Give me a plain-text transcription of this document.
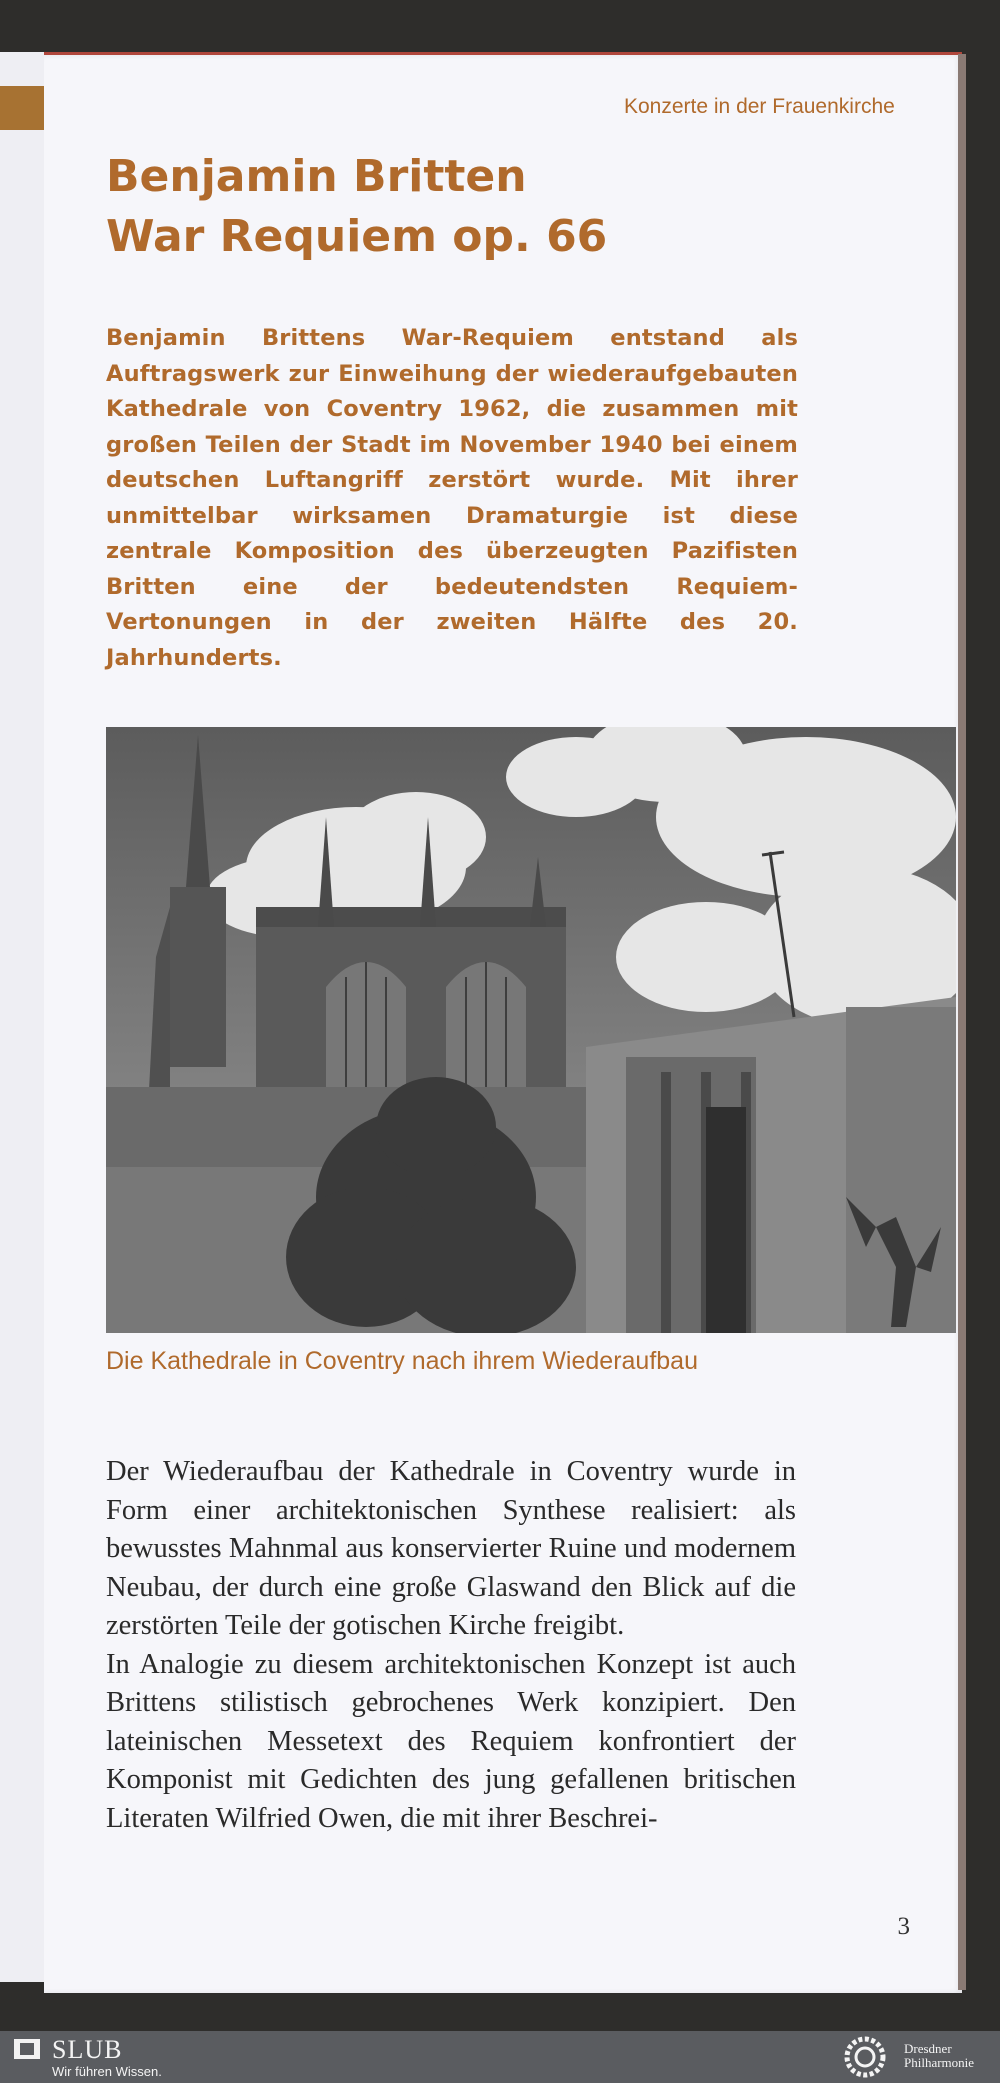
Konzerte in der Frauenkirche
Benjamin Britten
War Requiem op. 66

Benjamin Brittens War-Requiem entstand als Auftragswerk zur Einweihung der wiederaufgebauten Kathedrale von Coventry 1962, die zusammen mit großen Teilen der Stadt im November 1940 bei einem deutschen Luftangriff zerstört wurde. Mit ihrer unmittelbar wirksamen Dramaturgie ist diese zentrale Komposition des überzeugten Pazifisten Britten eine der bedeutendsten Requiem-Vertonungen in der zweiten Hälfte des 20. Jahrhunderts.

Die Kathedrale in Coventry nach ihrem Wiederaufbau

Der Wiederaufbau der Kathedrale in Coventry wurde in Form einer architektonischen Synthese realisiert: als bewusstes Mahnmal aus konservierter Ruine und modernem Neubau, der durch eine große Glaswand den Blick auf die zerstörten Teile der gotischen Kirche freigibt.
In Analogie zu diesem architektonischen Konzept ist auch Brittens stilistisch gebrochenes Werk konzipiert. Den lateinischen Messetext des Requiem konfrontiert der Komponist mit Gedichten des jung gefallenen britischen Literaten Wilfried Owen, die mit ihrer Beschrei-
3
SLUB
Wir führen Wissen.
Dresdner
Philharmonie
